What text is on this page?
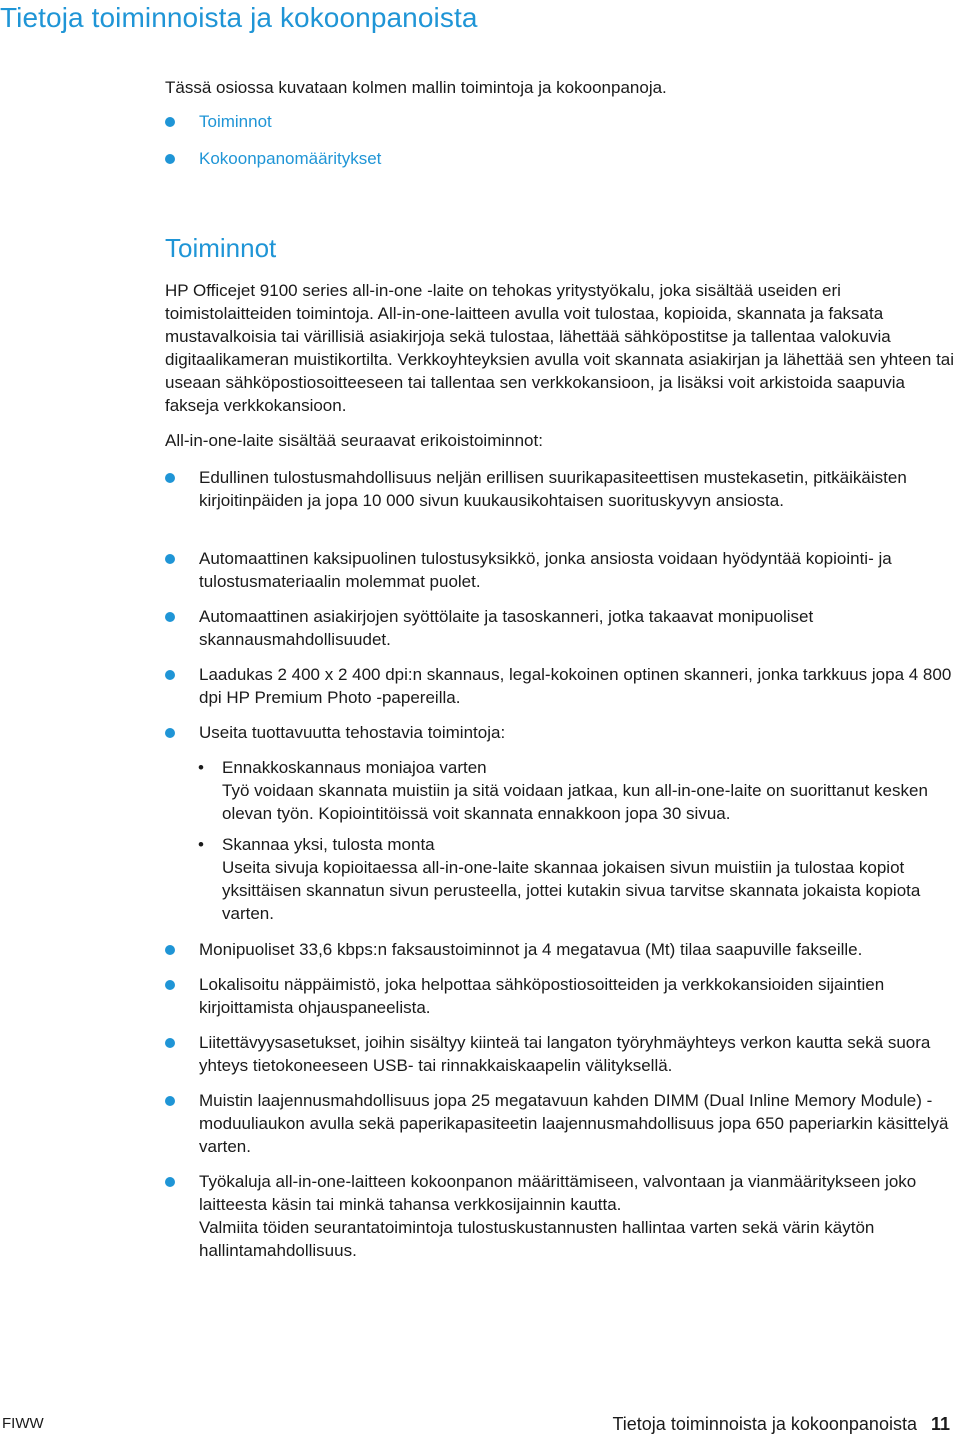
Tietoja toiminnoista ja kokoonpanoista

Tässä osiossa kuvataan kolmen mallin toimintoja ja kokoonpanoja.

Toiminnot
Kokoonpanomääritykset
Toiminnot

HP Officejet 9100 series all-in-one -laite on tehokas yritystyökalu, joka sisältää useiden eri toimistolaitteiden toimintoja. All-in-one-laitteen avulla voit tulostaa, kopioida, skannata ja faksata mustavalkoisia tai värillisiä asiakirjoja sekä tulostaa, lähettää sähköpostitse ja tallentaa valokuvia digitaalikameran muistikortilta. Verkkoyhteyksien avulla voit skannata asiakirjan ja lähettää sen yhteen tai useaan sähköpostiosoitteeseen tai tallentaa sen verkkokansioon, ja lisäksi voit arkistoida saapuvia fakseja verkkokansioon.

All-in-one-laite sisältää seuraavat erikoistoiminnot:

Edullinen tulostusmahdollisuus neljän erillisen suurikapasiteettisen mustekasetin, pitkäikäisten kirjoitinpäiden ja jopa 10 000 sivun kuukausikohtaisen suorituskyvyn ansiosta.
Automaattinen kaksipuolinen tulostusyksikkö, jonka ansiosta voidaan hyödyntää kopiointi- ja tulostusmateriaalin molemmat puolet.
Automaattinen asiakirjojen syöttölaite ja tasoskanneri, jotka takaavat monipuoliset skannausmahdollisuudet.
Laadukas 2 400 x 2 400 dpi:n skannaus, legal-kokoinen optinen skanneri, jonka tarkkuus jopa 4 800 dpi HP Premium Photo -papereilla.
Useita tuottavuutta tehostavia toimintoja:
• Ennakkoskannaus moniajoa varten
Työ voidaan skannata muistiin ja sitä voidaan jatkaa, kun all-in-one-laite on suorittanut kesken olevan työn. Kopiointitöissä voit skannata ennakkoon jopa 30 sivua.
• Skannaa yksi, tulosta monta
Useita sivuja kopioitaessa all-in-one-laite skannaa jokaisen sivun muistiin ja tulostaa kopiot yksittäisen skannatun sivun perusteella, jottei kutakin sivua tarvitse skannata jokaista kopiota varten.
Monipuoliset 33,6 kbps:n faksaustoiminnot ja 4 megatavua (Mt) tilaa saapuville fakseille.
Lokalisoitu näppäimistö, joka helpottaa sähköpostiosoitteiden ja verkkokansioiden sijaintien kirjoittamista ohjauspaneelista.
Liitettävyysasetukset, joihin sisältyy kiinteä tai langaton työryhmäyhteys verkon kautta sekä suora yhteys tietokoneeseen USB- tai rinnakkaiskaapelin välityksellä.
Muistin laajennusmahdollisuus jopa 25 megatavuun kahden DIMM (Dual Inline Memory Module) -moduuliaukon avulla sekä paperikapasiteetin laajennusmahdollisuus jopa 650 paperiarkin käsittelyä varten.
Työkaluja all-in-one-laitteen kokoonpanon määrittämiseen, valvontaan ja vianmääritykseen joko laitteesta käsin tai minkä tahansa verkkosijainnin kautta.
Valmiita töiden seurantatoimintoja tulostuskustannusten hallintaa varten sekä värin käytön hallintamahdollisuus.
FIWW	Tietoja toiminnoista ja kokoonpanoista 11
